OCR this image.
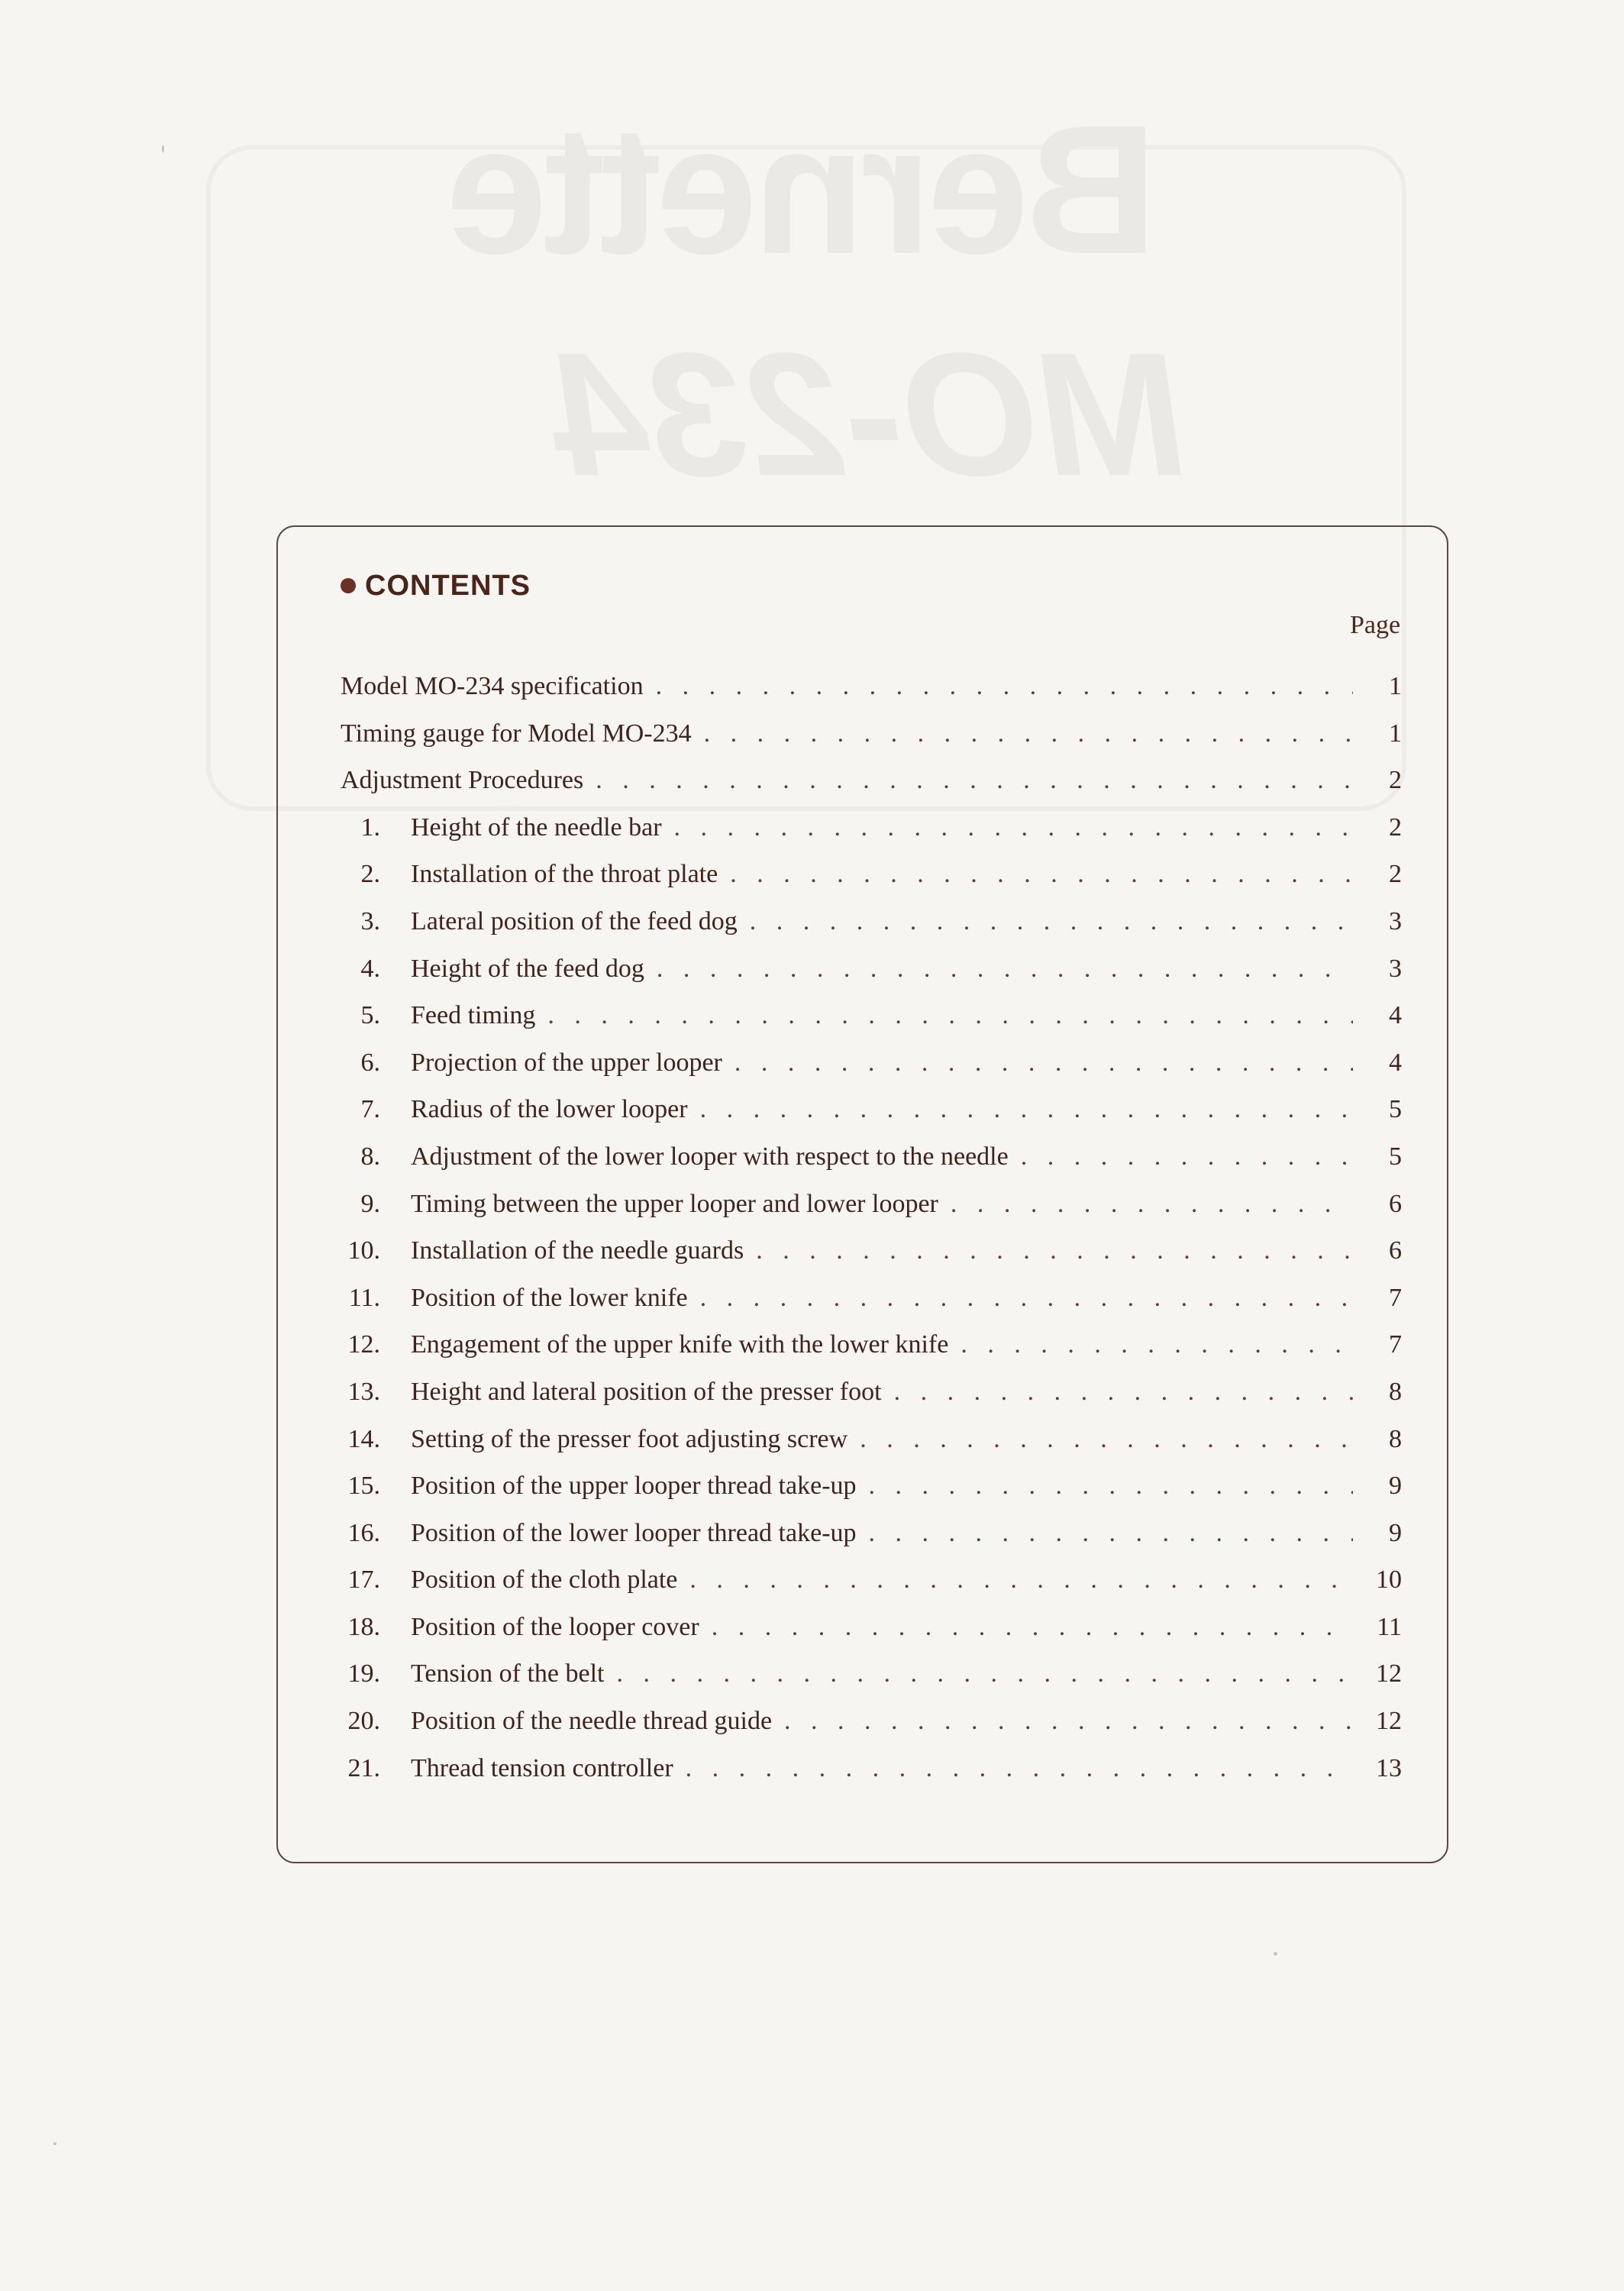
Bernette
MO-234
CONTENTS
Page
Model MO-234 specification . . .	1
Timing gauge for Model MO-234 . . .	1
Adjustment Procedures . . .	2
1. Height of the needle bar . . .	2
2. Installation of the throat plate . . .	2
3. Lateral position of the feed dog . . .	3
4. Height of the feed dog . . .	3
5. Feed timing . . .	4
6. Projection of the upper looper . . .	4
7. Radius of the lower looper . . .	5
8. Adjustment of the lower looper with respect to the needle . . .	5
9. Timing between the upper looper and lower looper . . .	6
10. Installation of the needle guards . . .	6
11. Position of the lower knife . . .	7
12. Engagement of the upper knife with the lower knife . . .	7
13. Height and lateral position of the presser foot . . .	8
14. Setting of the presser foot adjusting screw . . .	8
15. Position of the upper looper thread take-up . . .	9
16. Position of the lower looper thread take-up . . .	9
17. Position of the cloth plate . . .	10
18. Position of the looper cover . . .	11
19. Tension of the belt . . .	12
20. Position of the needle thread guide . . .	12
21. Thread tension controller . . .	13
